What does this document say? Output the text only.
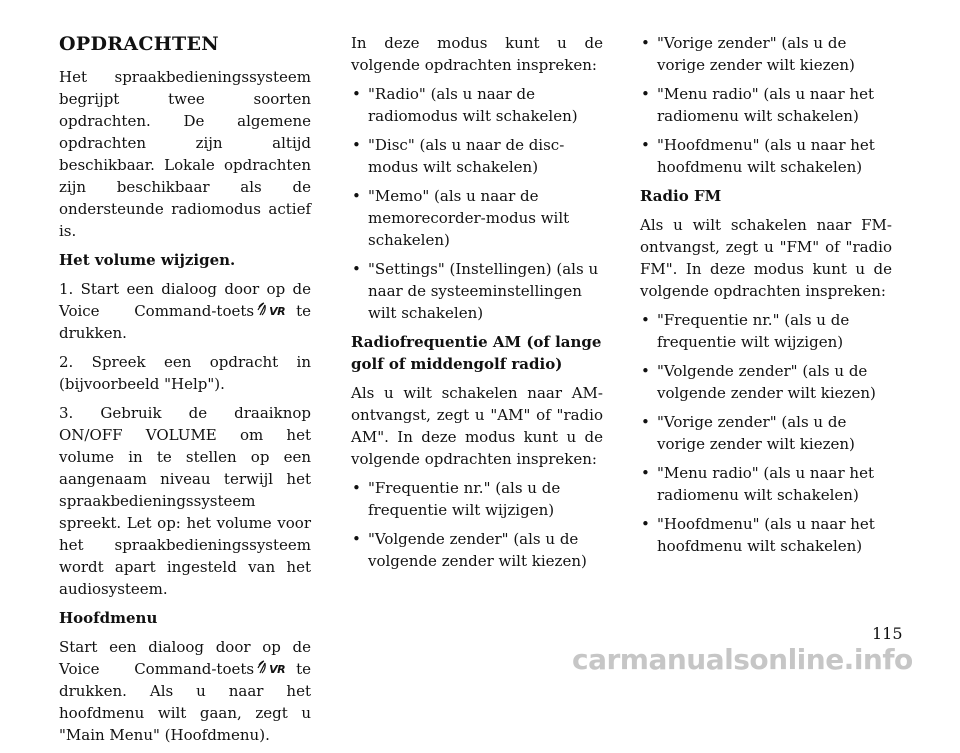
OPDRACHTEN

Het spraakbedieningssysteem begrijpt twee soorten opdrachten. De algemene opdrachten zijn altijd beschikbaar. Lokale opdrachten zijn beschikbaar als de ondersteunde radiomodus actief is.

Het volume wijzigen.

1. Start een dialoog door op de Voice Command-toets VR te drukken.

2. Spreek een opdracht in (bijvoorbeeld "Help").

3. Gebruik de draaiknop ON/OFF VOLUME om het volume in te stellen op een aangenaam niveau terwijl het spraakbedieningssysteem spreekt. Let op: het volume voor het spraakbedieningssysteem wordt apart ingesteld van het audiosysteem.

Hoofdmenu

Start een dialoog door op de Voice Command-toets VR te drukken. Als u naar het hoofdmenu wilt gaan, zegt u "Main Menu" (Hoofdmenu).

In deze modus kunt u de volgende opdrachten inspreken:

• "Radio" (als u naar de radiomodus wilt schakelen)
• "Disc" (als u naar de disc-modus wilt schakelen)
• "Memo" (als u naar de memorecorder-modus wilt schakelen)
• "Settings" (Instellingen) (als u naar de systeeminstellingen wilt schakelen)

Radiofrequentie AM (of lange golf of middengolf radio)

Als u wilt schakelen naar AM-ontvangst, zegt u "AM" of "radio AM". In deze modus kunt u de volgende opdrachten inspreken:

• "Frequentie nr." (als u de frequentie wilt wijzigen)
• "Volgende zender" (als u de volgende zender wilt kiezen)
• "Vorige zender" (als u de vorige zender wilt kiezen)
• "Menu radio" (als u naar het radiomenu wilt schakelen)
• "Hoofdmenu" (als u naar het hoofdmenu wilt schakelen)

Radio FM

Als u wilt schakelen naar FM-ontvangst, zegt u "FM" of "radio FM". In deze modus kunt u de volgende opdrachten inspreken:

• "Frequentie nr." (als u de frequentie wilt wijzigen)
• "Volgende zender" (als u de volgende zender wilt kiezen)
• "Vorige zender" (als u de vorige zender wilt kiezen)
• "Menu radio" (als u naar het radiomenu wilt schakelen)
• "Hoofdmenu" (als u naar het hoofdmenu wilt schakelen)
115
carmanualsonline.info
